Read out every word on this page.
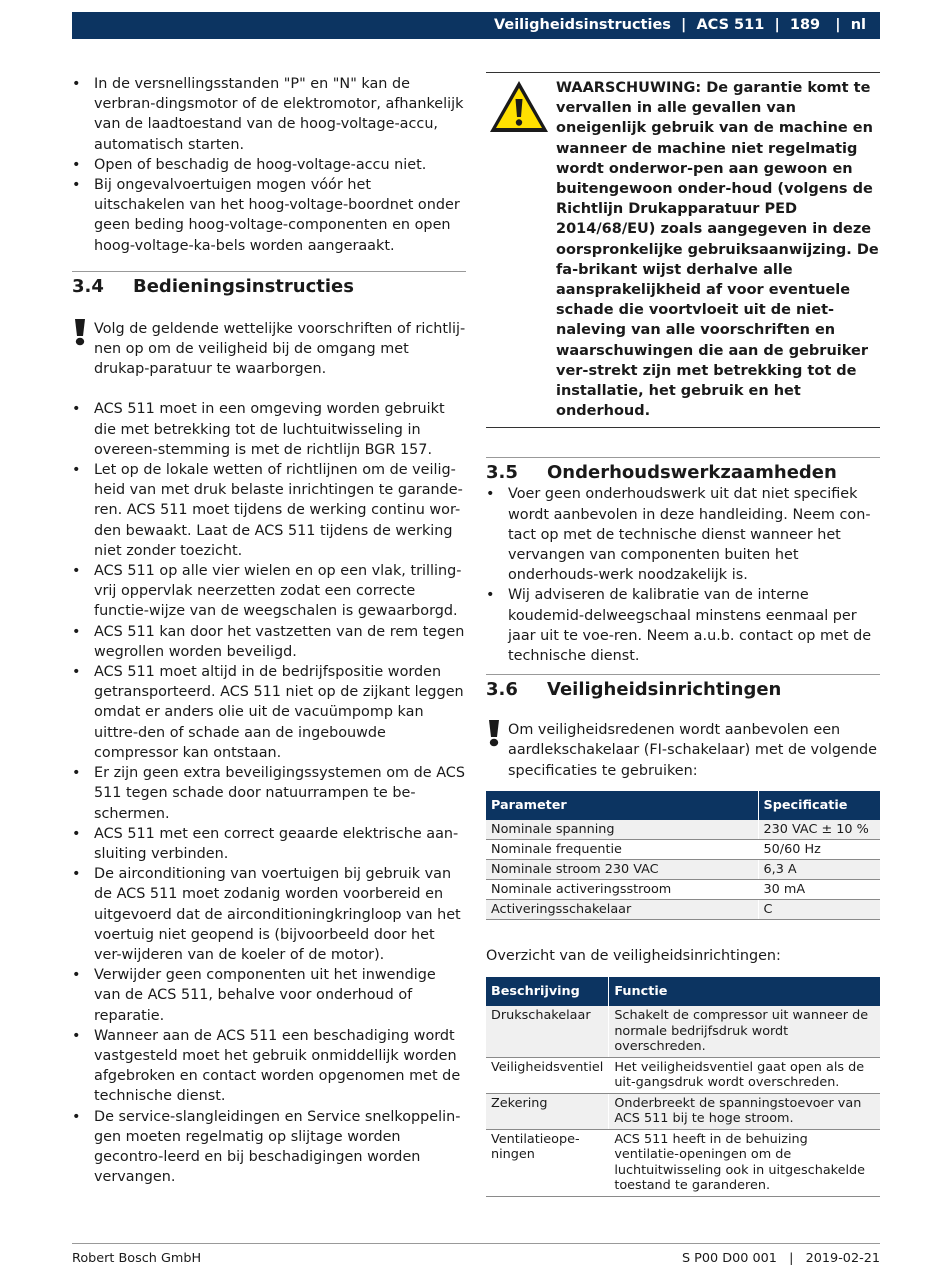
Veiligheidsinstructies | ACS 511 | 189 | nl
• In de versnellingsstanden "P" en "N" kan de verbran-dingsmotor of de elektromotor, afhankelijk van de laadtoestand van de hoog-voltage-accu, automatisch starten.
• Open of beschadig de hoog-voltage-accu niet.
• Bij ongevalvoertuigen mogen vóór het uitschakelen van het hoog-voltage-boordnet onder geen beding hoog-voltage-componenten en open hoog-voltage-ka-bels worden aangeraakt.
3.4	Bedieningsinstructies
Volg de geldende wettelijke voorschriften of richtlij-nen op om de veiligheid bij de omgang met drukap-paratuur te waarborgen.
• ACS 511 moet in een omgeving worden gebruikt die met betrekking tot de luchtuitwisseling in overeen-stemming is met de richtlijn BGR 157.
• Let op de lokale wetten of richtlijnen om de veilig-heid van met druk belaste inrichtingen te garande-ren. ACS 511 moet tijdens de werking continu wor-den bewaakt. Laat de ACS 511 tijdens de werking niet zonder toezicht.
• ACS 511 op alle vier wielen en op een vlak, trilling-vrij oppervlak neerzetten zodat een correcte functie-wijze van de weegschalen is gewaarborgd.
• ACS 511 kan door het vastzetten van de rem tegen wegrollen worden beveiligd.
• ACS 511 moet altijd in de bedrijfspositie worden getransporteerd. ACS 511 niet op de zijkant leggen omdat er anders olie uit de vacuümpomp kan uittre-den of schade aan de ingebouwde compressor kan ontstaan.
• Er zijn geen extra beveiligingssystemen om de ACS 511 tegen schade door natuurrampen te be-schermen.
• ACS 511 met een correct geaarde elektrische aan-sluiting verbinden.
• De airconditioning van voertuigen bij gebruik van de ACS 511 moet zodanig worden voorbereid en uitgevoerd dat de airconditioningkringloop van het voertuig niet geopend is (bijvoorbeeld door het ver-wijderen van de koeler of de motor).
• Verwijder geen componenten uit het inwendige van de ACS 511, behalve voor onderhoud of reparatie.
• Wanneer aan de ACS 511 een beschadiging wordt vastgesteld moet het gebruik onmiddellijk worden afgebroken en contact worden opgenomen met de technische dienst.
• De service-slangleidingen en Service snelkoppelin-gen moeten regelmatig op slijtage worden gecontro-leerd en bij beschadigingen worden vervangen.
WAARSCHUWING: De garantie komt te vervallen in alle gevallen van oneigenlijk gebruik van de machine en wanneer de machine niet regelmatig wordt onderwor-pen aan gewoon en buitengewoon onder-houd (volgens de Richtlijn Drukapparatuur PED 2014/68/EU) zoals aangegeven in deze oorspronkelijke gebruiksaanwijzing. De fa-brikant wijst derhalve alle aansprakelijkheid af voor eventuele schade die voortvloeit uit de niet-naleving van alle voorschriften en waarschuwingen die aan de gebruiker ver-strekt zijn met betrekking tot de installatie, het gebruik en het onderhoud.
3.5	Onderhoudswerkzaamheden
• Voer geen onderhoudswerk uit dat niet specifiek wordt aanbevolen in deze handleiding. Neem con-tact op met de technische dienst wanneer het vervangen van componenten buiten het onderhouds-werk noodzakelijk is.
• Wij adviseren de kalibratie van de interne koudemid-delweegschaal minstens eenmaal per jaar uit te voe-ren. Neem a.u.b. contact op met de technische dienst.
3.6	Veiligheidsinrichtingen
Om veiligheidsredenen wordt aanbevolen een aardlekschakelaar (FI-schakelaar) met de volgende specificaties te gebruiken:
Parameter	Specificatie
Nominale spanning	230 VAC ± 10 %
Nominale frequentie	50/60 Hz
Nominale stroom 230 VAC	6,3 A
Nominale activeringsstroom	30 mA
Activeringsschakelaar	C
Overzicht van de veiligheidsinrichtingen:
Beschrijving	Functie
Drukschakelaar	Schakelt de compressor uit wanneer de normale bedrijfsdruk wordt overschreden.
Veiligheidsventiel	Het veiligheidsventiel gaat open als de uit-gangsdruk wordt overschreden.
Zekering	Onderbreekt de spanningstoevoer van ACS 511 bij te hoge stroom.
Ventilatieope-ningen	ACS 511 heeft in de behuizing ventilatie-openingen om de luchtuitwisseling ook in uitgeschakelde toestand te garanderen.
Robert Bosch GmbH	S P00 D00 001 | 2019-02-21
